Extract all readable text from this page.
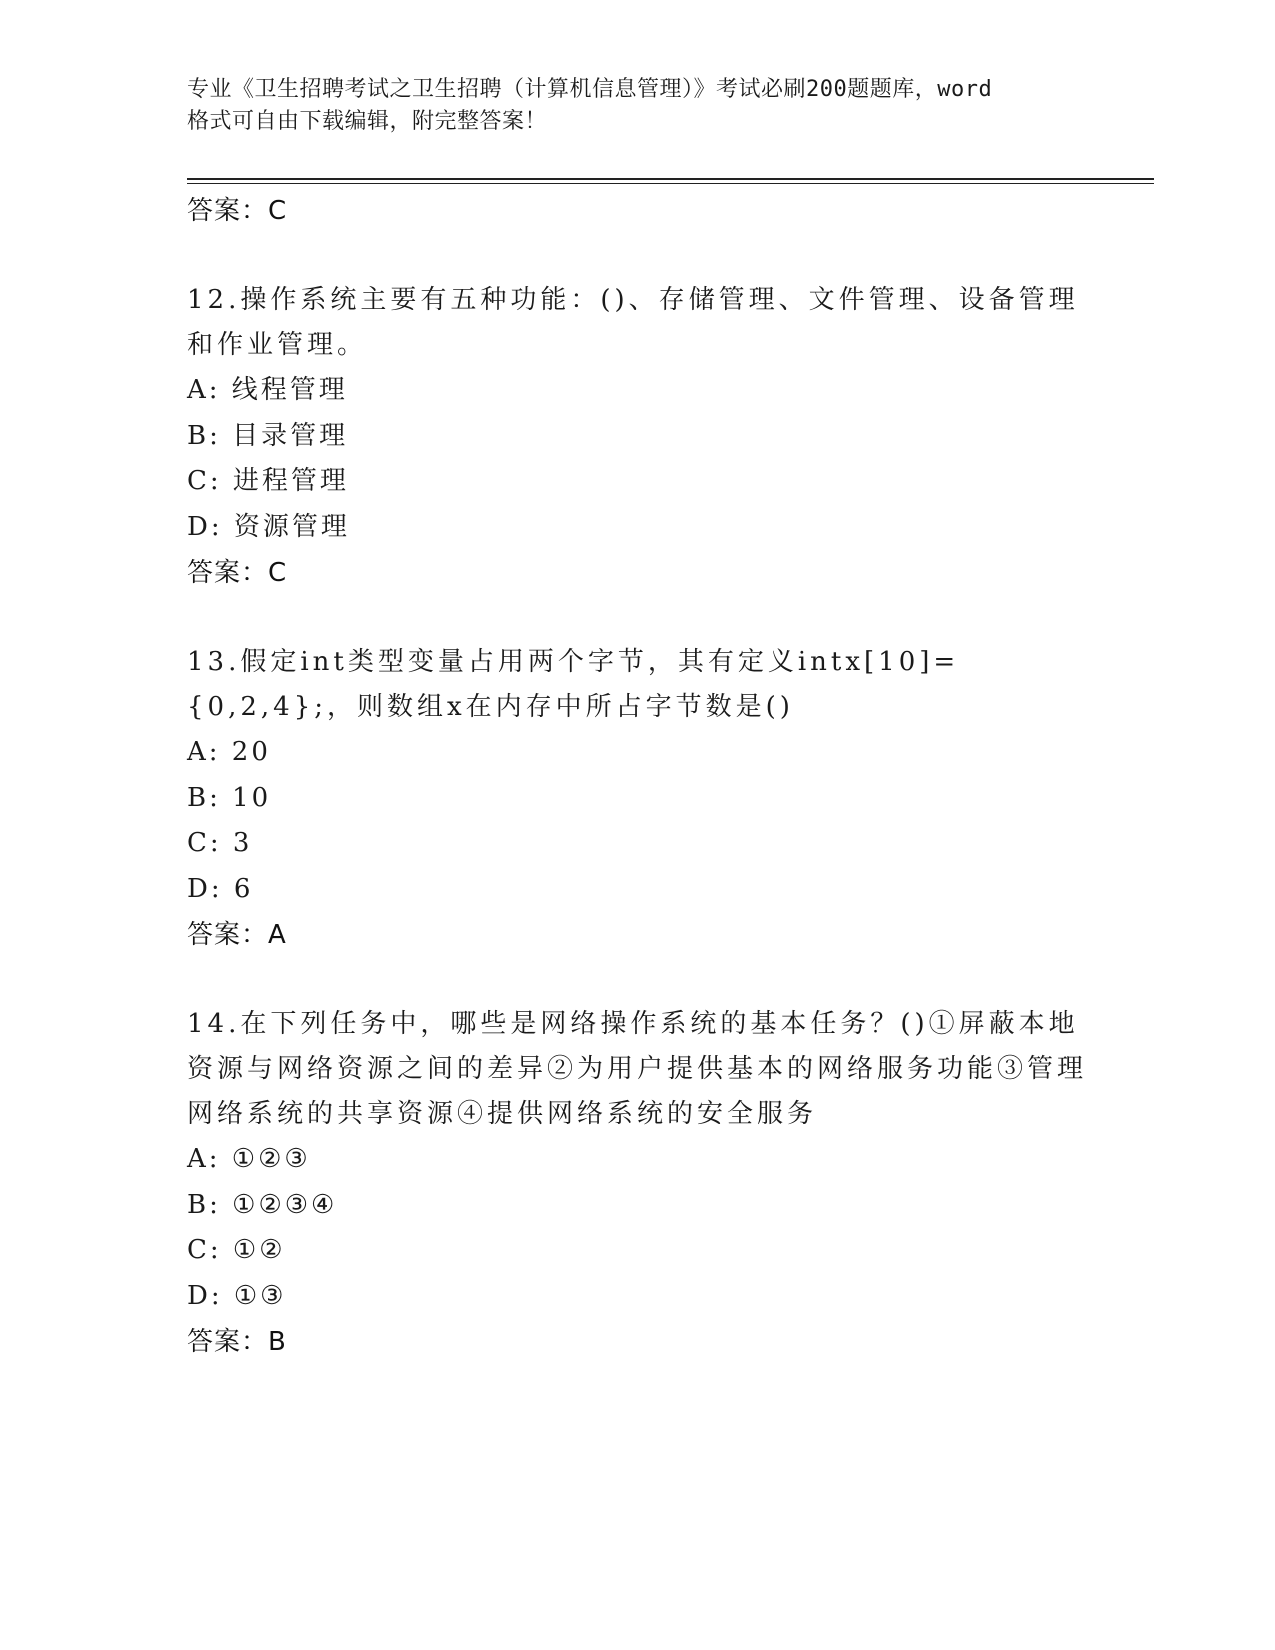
专业《卫生招聘考试之卫生招聘（计算机信息管理）》考试必刷200题题库，word
格式可自由下载编辑，附完整答案！
答案：C
12.操作系统主要有五种功能：()、存储管理、文件管理、设备管理和作业管理。
A: 线程管理
B: 目录管理
C: 进程管理
D: 资源管理
答案：C
13.假定int类型变量占用两个字节，其有定义intx[10]={0,2,4};，则数组x在内存中所占字节数是()
A: 20
B: 10
C: 3
D: 6
答案：A
14.在下列任务中，哪些是网络操作系统的基本任务？()①屏蔽本地资源与网络资源之间的差异②为用户提供基本的网络服务功能③管理网络系统的共享资源④提供网络系统的安全服务
A: ①②③
B: ①②③④
C: ①②
D: ①③
答案：B
